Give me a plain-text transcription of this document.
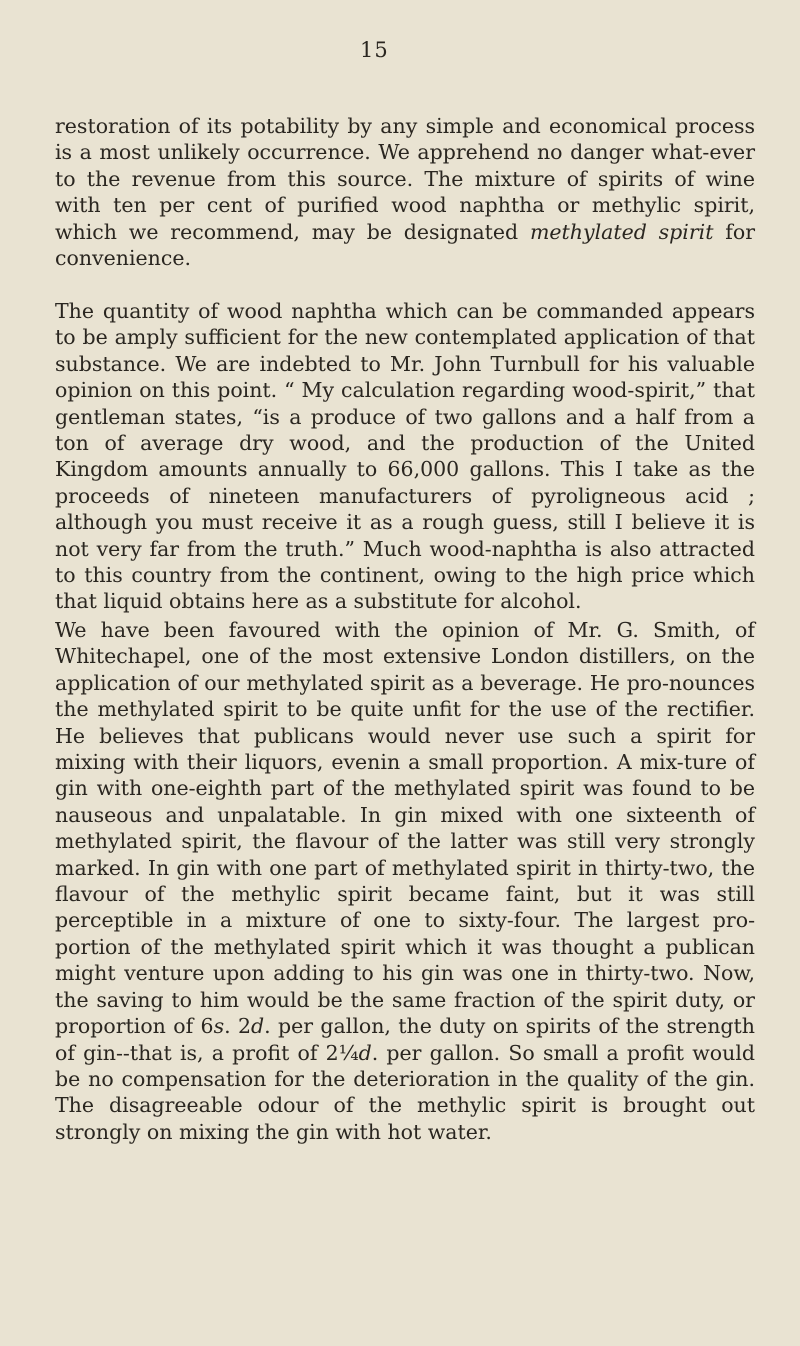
15

restoration of its potability by any simple and economical process is a most unlikely occurrence. We apprehend no danger what-ever to the revenue from this source. The mixture of spirits of wine with ten per cent of purified wood naphtha or methylic spirit, which we recommend, may be designated methylated spirit for convenience.

The quantity of wood naphtha which can be commanded appears to be amply sufficient for the new contemplated application of that substance. We are indebted to Mr. John Turnbull for his valuable opinion on this point. “ My calculation regarding wood-spirit,” that gentleman states, “is a produce of two gallons and a half from a ton of average dry wood, and the production of the United Kingdom amounts annually to 66,000 gallons. This I take as the proceeds of nineteen manufacturers of pyroligneous acid ; although you must receive it as a rough guess, still I believe it is not very far from the truth.” Much wood-naphtha is also attracted to this country from the continent, owing to the high price which that liquid obtains here as a substitute for alcohol.

We have been favoured with the opinion of Mr. G. Smith, of Whitechapel, one of the most extensive London distillers, on the application of our methylated spirit as a beverage. He pro-nounces the methylated spirit to be quite unfit for the use of the rectifier. He believes that publicans would never use such a spirit for mixing with their liquors, evenin a small proportion. A mix-ture of gin with one-eighth part of the methylated spirit was found to be nauseous and unpalatable. In gin mixed with one sixteenth of methylated spirit, the flavour of the latter was still very strongly marked. In gin with one part of methylated spirit in thirty-two, the flavour of the methylic spirit became faint, but it was still perceptible in a mixture of one to sixty-four. The largest pro-portion of the methylated spirit which it was thought a publican might venture upon adding to his gin was one in thirty-two. Now, the saving to him would be the same fraction of the spirit duty, or proportion of 6s. 2d. per gallon, the duty on spirits of the strength of gin--that is, a profit of 2¼d. per gallon. So small a profit would be no compensation for the deterioration in the quality of the gin. The disagreeable odour of the methylic spirit is brought out strongly on mixing the gin with hot water.
